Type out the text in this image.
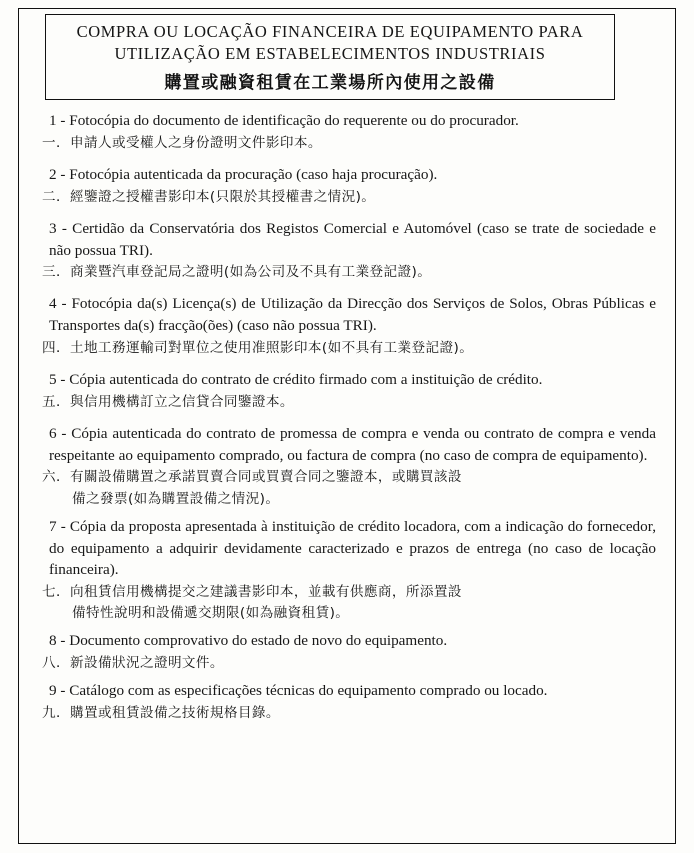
COMPRA OU LOCAÇÃO FINANCEIRA DE EQUIPAMENTO PARA
UTILIZAÇÃO EM ESTABELECIMENTOS INDUSTRIAIS
購置或融資租賃在工業場所內使用之設備
1 - Fotocópia do documento de identificação do requerente ou do procurador.
一．申請人或受權人之身份證明文件影印本。
2 - Fotocópia autenticada da procuração (caso haja procuração).
二．經鑒證之授權書影印本(只限於其授權書之情況)。
3 - Certidão da Conservatória dos Registos Comercial e Automóvel (caso se trate de sociedade e não possua TRI).
三．商業暨汽車登記局之證明(如為公司及不具有工業登記證)。
4 - Fotocópia da(s) Licença(s) de Utilização da Direcção dos Serviços de Solos, Obras Públicas e Transportes da(s) fracção(ões) (caso não possua TRI).
四．土地工務運輸司對單位之使用准照影印本(如不具有工業登記證)。
5 - Cópia autenticada do contrato de crédito firmado com a instituição de crédito.
五．與信用機構訂立之信貸合同鑒證本。
6 - Cópia autenticada do contrato de promessa de compra e venda ou contrato de compra e venda respeitante ao equipamento comprado, ou factura de compra (no caso de compra de equipamento).
六．有關設備購置之承諾買賣合同或買賣合同之鑒證本，或購買該設
備之發票(如為購置設備之情況)。
7 - Cópia da proposta apresentada à instituição de crédito locadora, com a indicação do fornecedor, do equipamento a adquirir devidamente caracterizado e prazos de entrega (no caso de locação financeira).
七．向租賃信用機構提交之建議書影印本，並載有供應商，所添置設
備特性說明和設備遞交期限(如為融資租賃)。
8 - Documento comprovativo do estado de novo do equipamento.
八．新設備狀況之證明文件。
9 - Catálogo com as especificações técnicas do equipamento comprado ou locado.
九．購置或租賃設備之技術規格目錄。
